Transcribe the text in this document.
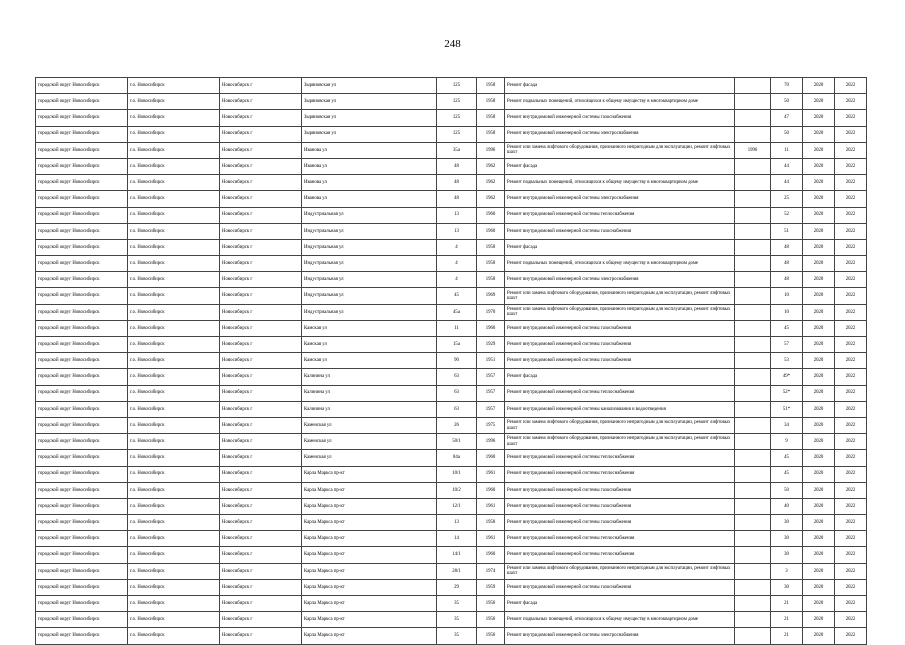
248
городской округ Новосибирск	г.о. Новосибирск	Новосибирск г	Зыряновская ул	125	1958	Ремонт фасада		70	2020	2022
городской округ Новосибирск	г.о. Новосибирск	Новосибирск г	Зыряновская ул	125	1958	Ремонт подвальных помещений, относящихся к общему имуществу в многоквартирном доме		50	2020	2022
городской округ Новосибирск	г.о. Новосибирск	Новосибирск г	Зыряновская ул	125	1958	Ремонт внутридомовой инженерной системы газоснабжения		47	2020	2022
городской округ Новосибирск	г.о. Новосибирск	Новосибирск г	Зыряновская ул	125	1958	Ремонт внутридомовой инженерной системы электроснабжения		50	2020	2022
городской округ Новосибирск	г.о. Новосибирск	Новосибирск г	Иванова ул	35а	1996	Ремонт или замена лифтового оборудования, признанного непригодным для эксплуатации, ремонт лифтовых шахт	1996	11	2020	2022
городской округ Новосибирск	г.о. Новосибирск	Новосибирск г	Иванова ул	48	1962	Ремонт фасада		44	2020	2022
городской округ Новосибирск	г.о. Новосибирск	Новосибирск г	Иванова ул	48	1962	Ремонт подвальных помещений, относящихся к общему имуществу в многоквартирном доме		44	2020	2022
городской округ Новосибирск	г.о. Новосибирск	Новосибирск г	Иванова ул	48	1962	Ремонт внутридомовой инженерной системы электроснабжения		25	2020	2022
городской округ Новосибирск	г.о. Новосибирск	Новосибирск г	Индустриальная ул	13	1960	Ремонт внутридомовой инженерной системы теплоснабжения		52	2020	2022
городской округ Новосибирск	г.о. Новосибирск	Новосибирск г	Индустриальная ул	13	1960	Ремонт внутридомовой инженерной системы газоснабжения		51	2020	2022
городской округ Новосибирск	г.о. Новосибирск	Новосибирск г	Индустриальная ул	4	1958	Ремонт фасада		48	2020	2022
городской округ Новосибирск	г.о. Новосибирск	Новосибирск г	Индустриальная ул	4	1958	Ремонт подвальных помещений, относящихся к общему имуществу в многоквартирном доме		48	2020	2022
городской округ Новосибирск	г.о. Новосибирск	Новосибирск г	Индустриальная ул	4	1958	Ремонт внутридомовой инженерной системы электроснабжения		48	2020	2022
городской округ Новосибирск	г.о. Новосибирск	Новосибирск г	Индустриальная ул	45	1969	Ремонт или замена лифтового оборудования, признанного непригодным для эксплуатации, ремонт лифтовых шахт		10	2020	2022
городской округ Новосибирск	г.о. Новосибирск	Новосибирск г	Индустриальная ул	45а	1970	Ремонт или замена лифтового оборудования, признанного непригодным для эксплуатации, ремонт лифтовых шахт		10	2020	2022
городской округ Новосибирск	г.о. Новосибирск	Новосибирск г	Камская ул	11	1960	Ремонт внутридомовой инженерной системы газоснабжения		45	2020	2022
городской округ Новосибирск	г.о. Новосибирск	Новосибирск г	Камская ул	15а	1929	Ремонт внутридомовой инженерной системы газоснабжения		57	2020	2022
городской округ Новосибирск	г.о. Новосибирск	Новосибирск г	Камская ул	90	1951	Ремонт внутридомовой инженерной системы газоснабжения		53	2020	2022
городской округ Новосибирск	г.о. Новосибирск	Новосибирск г	Калинина ул	63	1957	Ремонт фасада		49*	2020	2022
городской округ Новосибирск	г.о. Новосибирск	Новосибирск г	Калинина ул	63	1957	Ремонт внутридомовой инженерной системы теплоснабжения		52*	2020	2022
городской округ Новосибирск	г.о. Новосибирск	Новосибирск г	Калинина ул	63	1957	Ремонт внутридомовой инженерной системы канализования и водоотведения		51*	2020	2022
городской округ Новосибирск	г.о. Новосибирск	Новосибирск г	Каменская ул	26	1975	Ремонт или замена лифтового оборудования, признанного непригодным для эксплуатации, ремонт лифтовых шахт		34	2020	2022
городской округ Новосибирск	г.о. Новосибирск	Новосибирск г	Каменская ул	50/1	1996	Ремонт или замена лифтового оборудования, признанного непригодным для эксплуатации, ремонт лифтовых шахт		9	2020	2022
городской округ Новосибирск	г.о. Новосибирск	Новосибирск г	Каменская ул	84а	1960	Ремонт внутридомовой инженерной системы теплоснабжения		45	2020	2022
городской округ Новосибирск	г.о. Новосибирск	Новосибирск г	Карла Маркса пр-кт	10/1	1961	Ремонт внутридомовой инженерной системы теплоснабжения		45	2020	2022
городской округ Новосибирск	г.о. Новосибирск	Новосибирск г	Карла Маркса пр-кт	10/2	1960	Ремонт внутридомовой инженерной системы газоснабжения		50	2020	2022
городской округ Новосибирск	г.о. Новосибирск	Новосибирск г	Карла Маркса пр-кт	12/1	1961	Ремонт внутридомовой инженерной системы газоснабжения		40	2020	2022
городской округ Новосибирск	г.о. Новосибирск	Новосибирск г	Карла Маркса пр-кт	13	1958	Ремонт внутридомовой инженерной системы газоснабжения		30	2020	2022
городской округ Новосибирск	г.о. Новосибирск	Новосибирск г	Карла Маркса пр-кт	14	1961	Ремонт внутридомовой инженерной системы теплоснабжения		30	2020	2022
городской округ Новосибирск	г.о. Новосибирск	Новосибирск г	Карла Маркса пр-кт	14/1	1960	Ремонт внутридомовой инженерной системы теплоснабжения		30	2020	2022
городской округ Новосибирск	г.о. Новосибирск	Новосибирск г	Карла Маркса пр-кт	28/1	1974	Ремонт или замена лифтового оборудования, признанного непригодным для эксплуатации, ремонт лифтовых шахт		3	2020	2022
городской округ Новосибирск	г.о. Новосибирск	Новосибирск г	Карла Маркса пр-кт	29	1959	Ремонт внутридомовой инженерной системы газоснабжения		30	2020	2022
городской округ Новосибирск	г.о. Новосибирск	Новосибирск г	Карла Маркса пр-кт	35	1956	Ремонт фасада		21	2020	2022
городской округ Новосибирск	г.о. Новосибирск	Новосибирск г	Карла Маркса пр-кт	35	1956	Ремонт подвальных помещений, относящихся к общему имуществу в многоквартирном доме		21	2020	2022
городской округ Новосибирск	г.о. Новосибирск	Новосибирск г	Карла Маркса пр-кт	35	1956	Ремонт внутридомовой инженерной системы электроснабжения		21	2020	2022
